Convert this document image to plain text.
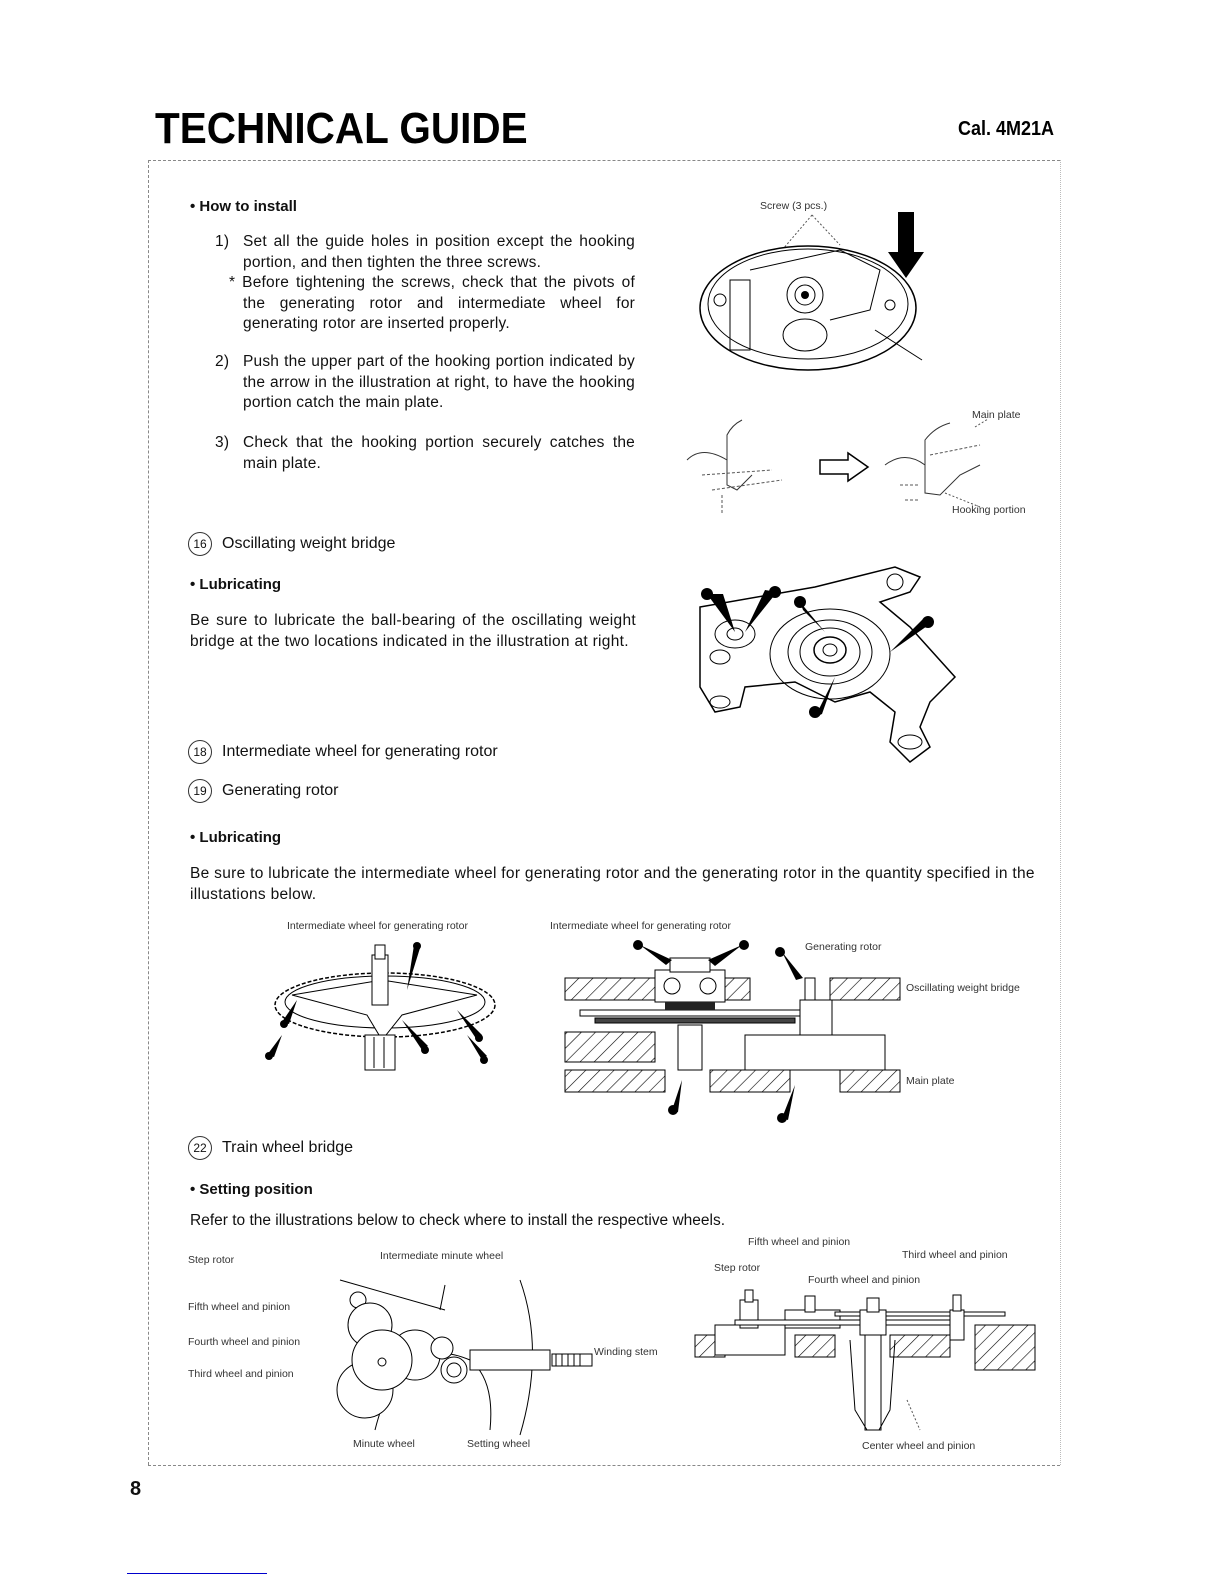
TECHNICAL GUIDE	Cal. 4M21A
• How to install
1) Set all the guide holes in position except the hooking portion, and then tighten the three screws.
* Before tightening the screws, check that the pivots of the generating rotor and intermediate wheel for generating rotor are inserted properly.
2) Push the upper part of the hooking portion indicated by the arrow in the illustration at right, to have the hooking portion catch the main plate.
3) Check that the hooking portion securely catches the main plate.
Screw (3 pcs.)
Main plate
Hooking portion
16 Oscillating weight bridge
• Lubricating
Be sure to lubricate the ball-bearing of the oscillating weight bridge at the two locations indicated in the illustration at right.
18 Intermediate wheel for generating rotor
19 Generating rotor
• Lubricating
Be sure to lubricate the intermediate wheel for generating rotor and the generating rotor in the quantity specified in the illustations below.
Intermediate wheel for generating rotor	Intermediate wheel for generating rotor
Generating rotor
Oscillating weight bridge
Main plate
22 Train wheel bridge
• Setting position
Refer to the illustrations below to check where to install the respective wheels.
Step rotor	Intermediate minute wheel
Fifth wheel and pinion
Fourth wheel and pinion
Third wheel and pinion
Winding stem
Minute wheel	Setting wheel
Fifth wheel and pinion
Step rotor
Fourth wheel and pinion
Third wheel and pinion
Center wheel and pinion
8
